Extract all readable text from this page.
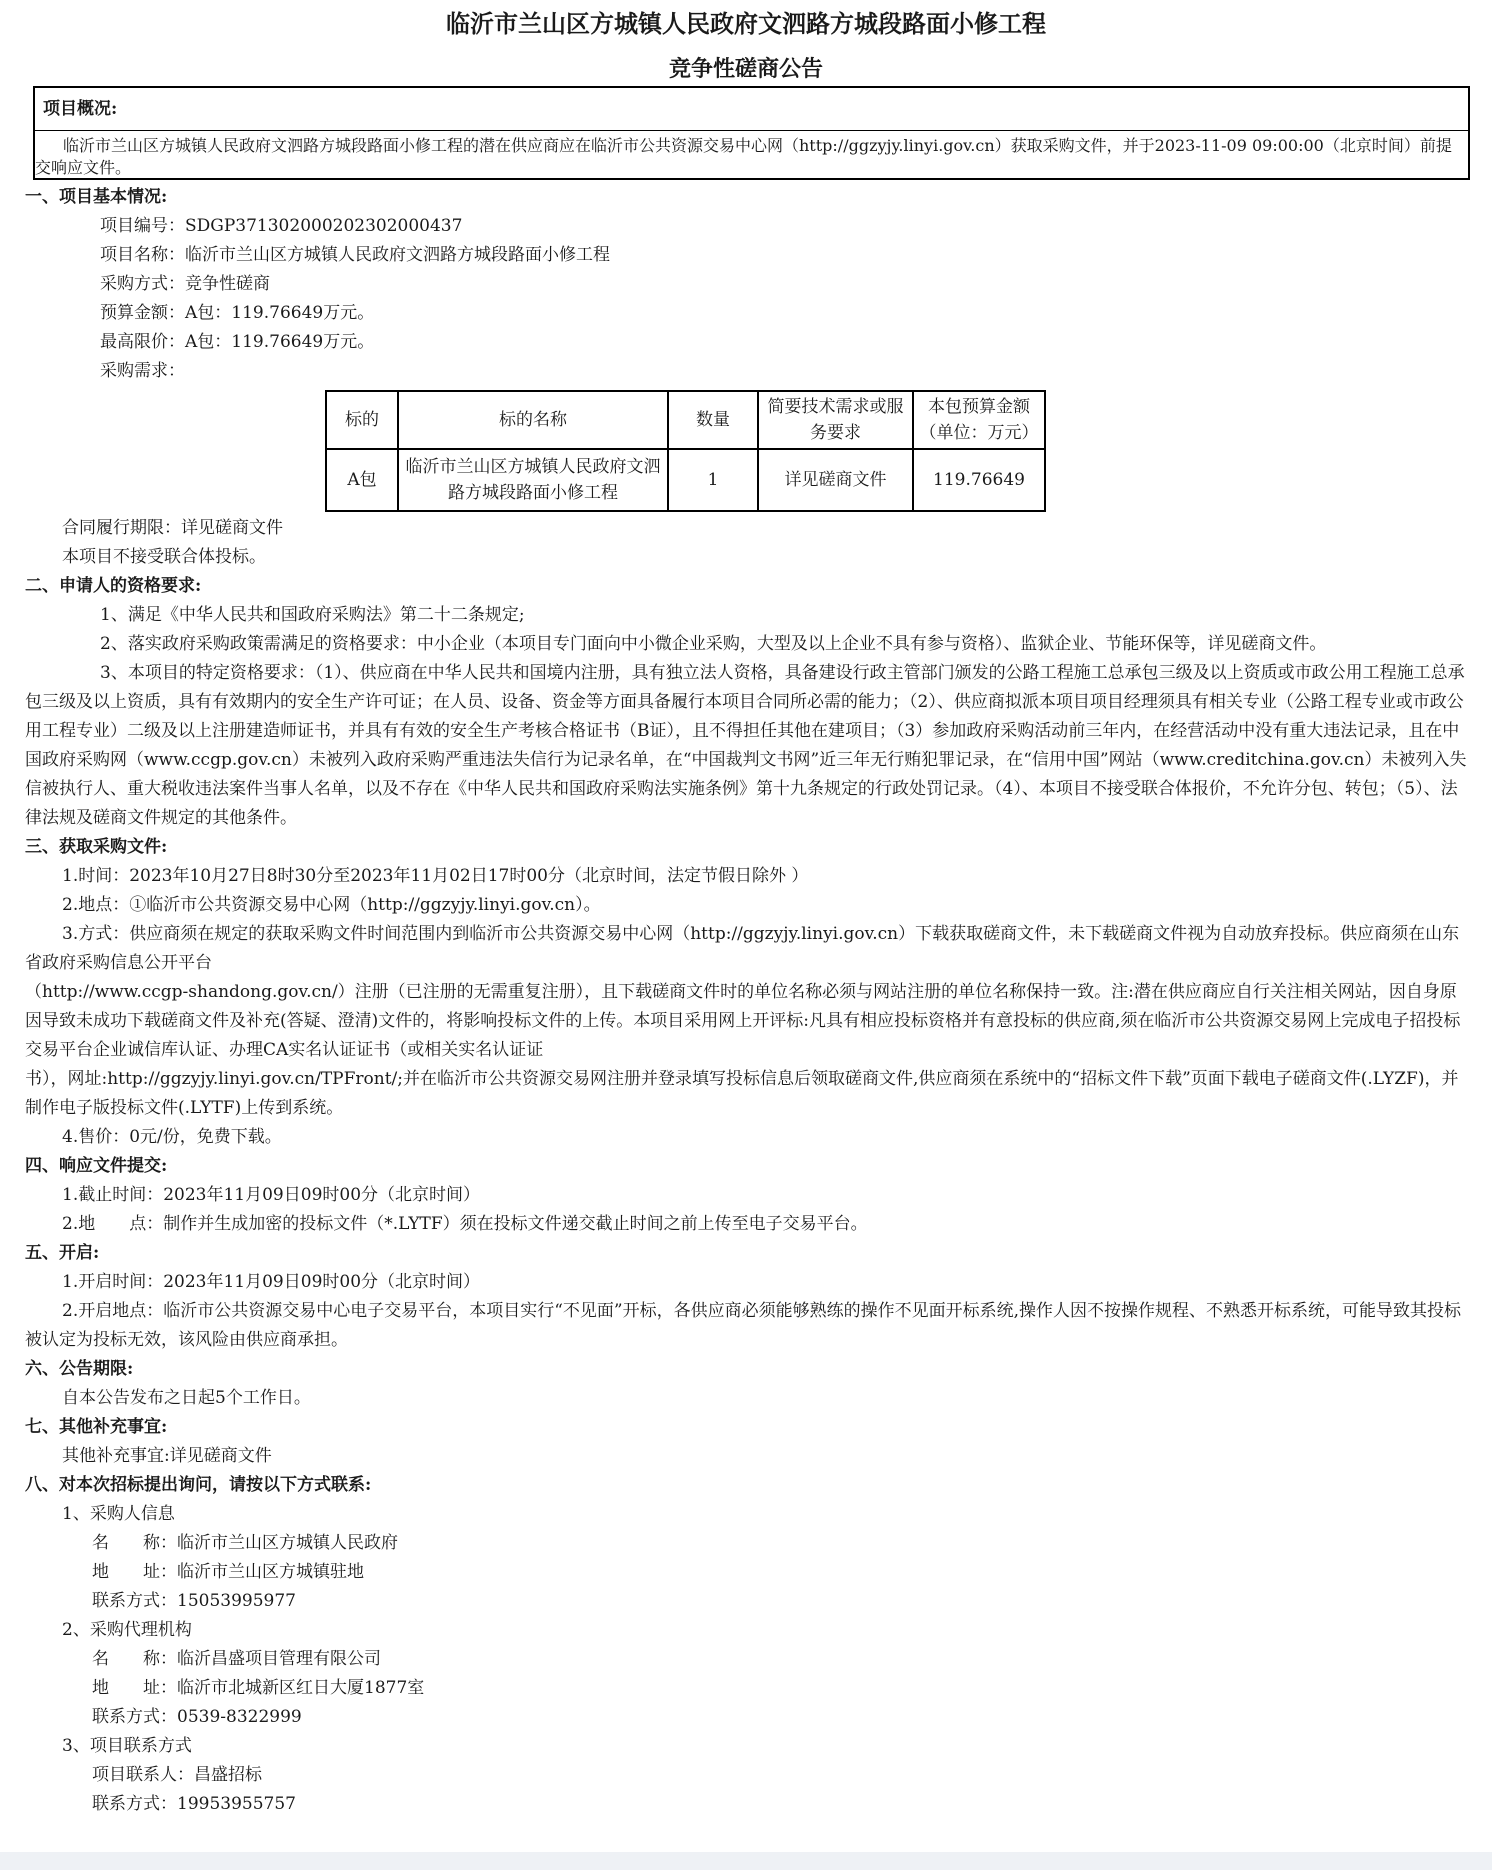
临沂市兰山区方城镇人民政府文泗路方城段路面小修工程
竞争性磋商公告
项目概况:
临沂市兰山区方城镇人民政府文泗路方城段路面小修工程的潜在供应商应在临沂市公共资源交易中心网（http://ggzyjy.linyi.gov.cn）获取采购文件，并于2023-11-09 09:00:00（北京时间）前提交响应文件。

一、项目基本情况:

项目编号：SDGP371302000202302000437

项目名称：临沂市兰山区方城镇人民政府文泗路方城段路面小修工程

采购方式：竞争性磋商

预算金额：A包：119.76649万元。

最高限价：A包：119.76649万元。

采购需求：

标的	标的名称	数量	简要技术需求或服务要求	本包预算金额（单位：万元）
A包	临沂市兰山区方城镇人民政府文泗路方城段路面小修工程	1	详见磋商文件	119.76649

合同履行期限：详见磋商文件

本项目不接受联合体投标。

二、申请人的资格要求:

1、满足《中华人民共和国政府采购法》第二十二条规定;

2、落实政府采购政策需满足的资格要求：中小企业（本项目专门面向中小微企业采购，大型及以上企业不具有参与资格）、监狱企业、节能环保等，详见磋商文件。

3、本项目的特定资格要求：（1）、供应商在中华人民共和国境内注册，具有独立法人资格，具备建设行政主管部门颁发的公路工程施工总承包三级及以上资质或市政公用工程施工总承包三级及以上资质，具有有效期内的安全生产许可证；在人员、设备、资金等方面具备履行本项目合同所必需的能力；（2）、供应商拟派本项目项目经理须具有相关专业（公路工程专业或市政公用工程专业）二级及以上注册建造师证书，并具有有效的安全生产考核合格证书（B证），且不得担任其他在建项目；（3）参加政府采购活动前三年内，在经营活动中没有重大违法记录，且在中国政府采购网（www.ccgp.gov.cn）未被列入政府采购严重违法失信行为记录名单，在“中国裁判文书网”近三年无行贿犯罪记录，在“信用中国”网站（www.creditchina.gov.cn）未被列入失信被执行人、重大税收违法案件当事人名单，以及不存在《中华人民共和国政府采购法实施条例》第十九条规定的行政处罚记录。（4）、本项目不接受联合体报价，不允许分包、转包；（5）、法律法规及磋商文件规定的其他条件。

三、获取采购文件:

1.时间：2023年10月27日8时30分至2023年11月02日17时00分（北京时间，法定节假日除外 ）

2.地点：①临沂市公共资源交易中心网（http://ggzyjy.linyi.gov.cn）。

3.方式：供应商须在规定的获取采购文件时间范围内到临沂市公共资源交易中心网（http://ggzyjy.linyi.gov.cn）下载获取磋商文件，未下载磋商文件视为自动放弃投标。供应商须在山东省政府采购信息公开平台

（http://www.ccgp-shandong.gov.cn/）注册（已注册的无需重复注册），且下载磋商文件时的单位名称必须与网站注册的单位名称保持一致。注:潜在供应商应自行关注相关网站，因自身原因导致未成功下载磋商文件及补充(答疑、澄清)文件的，将影响投标文件的上传。本项目采用网上开评标:凡具有相应投标资格并有意投标的供应商,须在临沂市公共资源交易网上完成电子招投标交易平台企业诚信库认证、办理CA实名认证证书（或相关实名认证证

书），网址:http://ggzyjy.linyi.gov.cn/TPFront/;并在临沂市公共资源交易网注册并登录填写投标信息后领取磋商文件,供应商须在系统中的“招标文件下载”页面下载电子磋商文件(.LYZF)，并制作电子版投标文件(.LYTF)上传到系统。

4.售价：0元/份，免费下载。

四、响应文件提交:

1.截止时间：2023年11月09日09时00分（北京时间）

2.地　　点：制作并生成加密的投标文件（*.LYTF）须在投标文件递交截止时间之前上传至电子交易平台。

五、开启:

1.开启时间：2023年11月09日09时00分（北京时间）

2.开启地点：临沂市公共资源交易中心电子交易平台，本项目实行“不见面”开标，各供应商必须能够熟练的操作不见面开标系统,操作人因不按操作规程、不熟悉开标系统，可能导致其投标被认定为投标无效，该风险由供应商承担。

六、公告期限:

自本公告发布之日起5个工作日。

七、其他补充事宜:

其他补充事宜:详见磋商文件

八、对本次招标提出询问，请按以下方式联系:

1、采购人信息

名　　称：临沂市兰山区方城镇人民政府

地　　址：临沂市兰山区方城镇驻地

联系方式：15053995977

2、采购代理机构

名　　称：临沂昌盛项目管理有限公司

地　　址：临沂市北城新区红日大厦1877室

联系方式：0539-8322999

3、项目联系方式

项目联系人：昌盛招标

联系方式：19953955757
